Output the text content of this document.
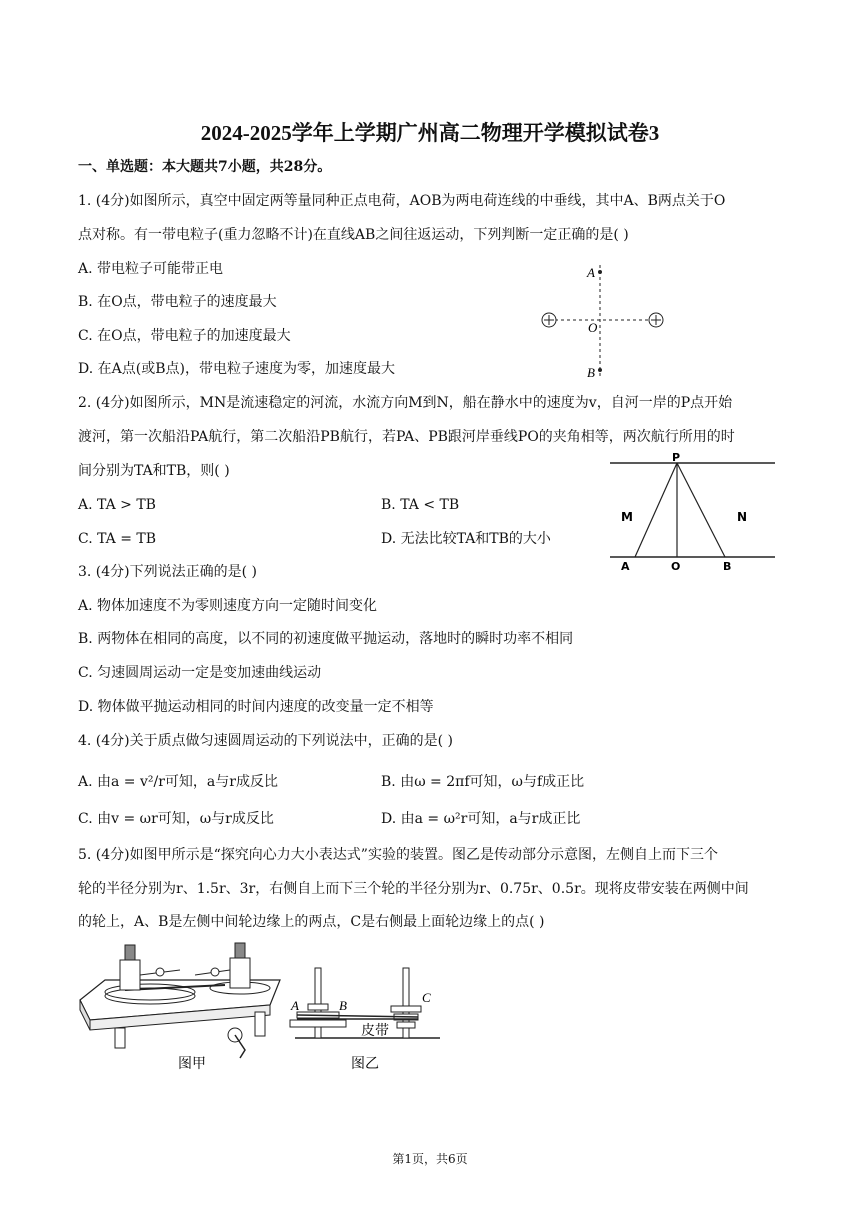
2024-2025学年上学期广州高二物理开学模拟试卷3
一、单选题：本大题共7小题，共28分。
1. (4分)如图所示，真空中固定两等量同种正点电荷，AOB为两电荷连线的中垂线，其中A、B两点关于O
点对称。有一带电粒子(重力忽略不计)在直线AB之间往返运动，下列判断一定正确的是( )
A. 带电粒子可能带正电
B. 在O点，带电粒子的速度最大
C. 在O点，带电粒子的加速度最大
D. 在A点(或B点)，带电粒子速度为零，加速度最大
A
O
B
2. (4分)如图所示，MN是流速稳定的河流，水流方向M到N，船在静水中的速度为v，自河一岸的P点开始
渡河，第一次船沿PA航行，第二次船沿PB航行，若PA、PB跟河岸垂线PO的夹角相等，两次航行所用的时
间分别为TA和TB，则( )
A. TA > TB	B. TA < TB
C. TA = TB	D. 无法比较TA和TB的大小
P
M	N
A	O	B
3. (4分)下列说法正确的是( )
A. 物体加速度不为零则速度方向一定随时间变化
B. 两物体在相同的高度，以不同的初速度做平抛运动，落地时的瞬时功率不相同
C. 匀速圆周运动一定是变加速曲线运动
D. 物体做平抛运动相同的时间内速度的改变量一定不相等
4. (4分)关于质点做匀速圆周运动的下列说法中，正确的是( )
A. 由a = v²/r可知，a与r成反比	B. 由ω = 2πf可知，ω与f成正比
C. 由v = ωr可知，ω与r成反比	D. 由a = ω²r可知，a与r成正比
5. (4分)如图甲所示是“探究向心力大小表达式”实验的装置。图乙是传动部分示意图，左侧自上而下三个
轮的半径分别为r、1.5r、3r，右侧自上而下三个轮的半径分别为r、0.75r、0.5r。现将皮带安装在两侧中间
的轮上，A、B是左侧中间轮边缘上的两点，C是右侧最上面轮边缘上的点( )
图甲
A	B
C
皮带
图乙
第1页，共6页
